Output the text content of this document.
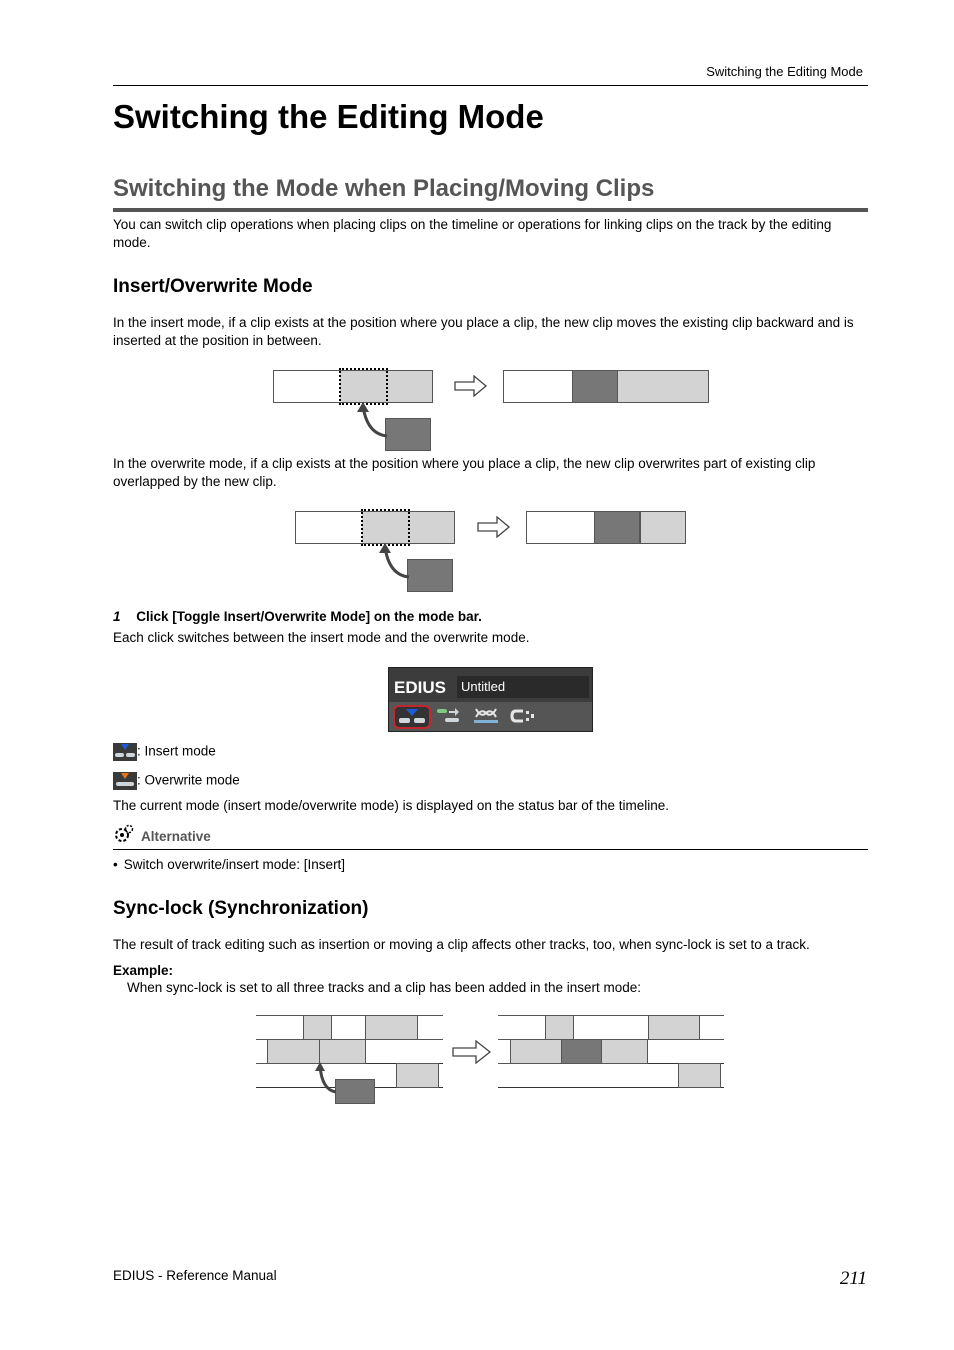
Switching the Editing Mode
Switching the Editing Mode
Switching the Mode when Placing/Moving Clips
You can switch clip operations when placing clips on the timeline or operations for linking clips on the track by the editing mode.
Insert/Overwrite Mode
In the insert mode, if a clip exists at the position where you place a clip, the new clip moves the existing clip backward and is inserted at the position in between.
In the overwrite mode, if a clip exists at the position where you place a clip, the new clip overwrites part of existing clip overlapped by the new clip.
1 Click [Toggle Insert/Overwrite Mode] on the mode bar.
Each click switches between the insert mode and the overwrite mode.
EDIUS	Untitled
: Insert mode
: Overwrite mode
The current mode (insert mode/overwrite mode) is displayed on the status bar of the timeline.
Alternative
• Switch overwrite/insert mode: [Insert]
Sync-lock (Synchronization)
The result of track editing such as insertion or moving a clip affects other tracks, too, when sync-lock is set to a track.
Example:
When sync-lock is set to all three tracks and a clip has been added in the insert mode:
EDIUS - Reference Manual	211
